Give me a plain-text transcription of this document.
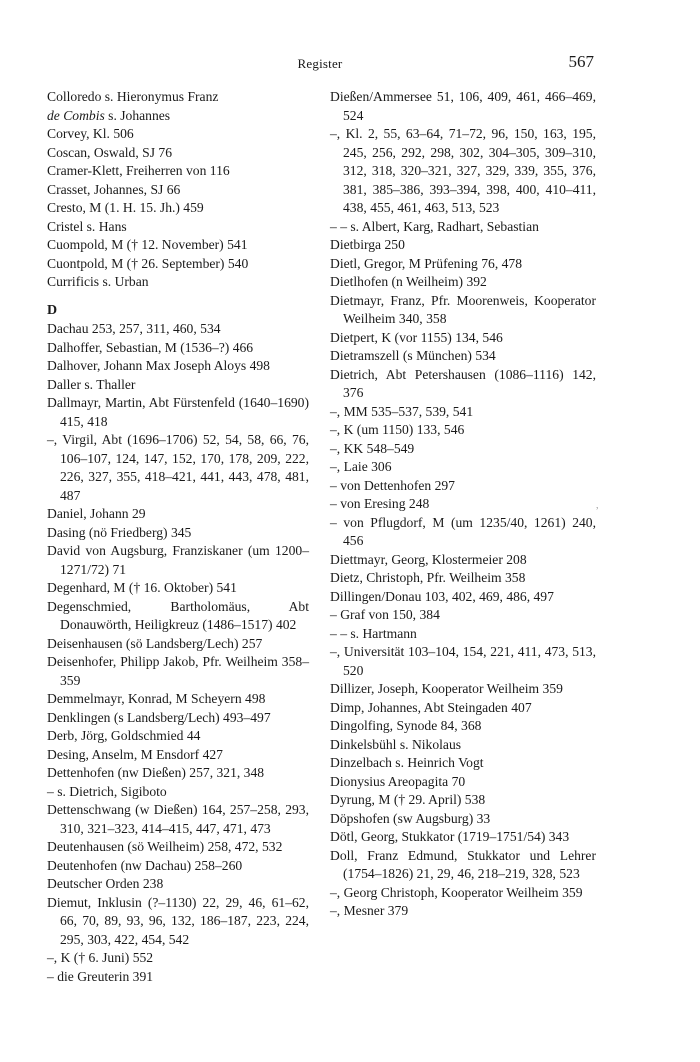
Register	567

Colloredo s. Hieronymus Franz

de Combis s. Johannes

Corvey, Kl. 506

Coscan, Oswald, SJ 76

Cramer-Klett, Freiherren von 116

Crasset, Johannes, SJ 66

Cresto, M (1. H. 15. Jh.) 459

Cristel s. Hans

Cuompold, M († 12. November) 541

Cuontpold, M († 26. September) 540

Currificis s. Urban

D

Dachau 253, 257, 311, 460, 534

Dalhoffer, Sebastian, M (1536–?) 466

Dalhover, Johann Max Joseph Aloys 498

Daller s. Thaller

Dallmayr, Martin, Abt Fürstenfeld (1640–1690) 415, 418

–, Virgil, Abt (1696–1706) 52, 54, 58, 66, 76, 106–107, 124, 147, 152, 170, 178, 209, 222, 226, 327, 355, 418–421, 441, 443, 478, 481, 487

Daniel, Johann 29

Dasing (nö Friedberg) 345

David von Augsburg, Franziskaner (um 1200–1271/72) 71

Degenhard, M († 16. Oktober) 541

Degenschmied, Bartholomäus, Abt Donauwörth, Heiligkreuz (1486–1517) 402

Deisenhausen (sö Landsberg/Lech) 257

Deisenhofer, Philipp Jakob, Pfr. Weilheim 358–359

Demmelmayr, Konrad, M Scheyern 498

Denklingen (s Landsberg/Lech) 493–497

Derb, Jörg, Goldschmied 44

Desing, Anselm, M Ensdorf 427

Dettenhofen (nw Dießen) 257, 321, 348

– s. Dietrich, Sigiboto

Dettenschwang (w Dießen) 164, 257–258, 293, 310, 321–323, 414–415, 447, 471, 473

Deutenhausen (sö Weilheim) 258, 472, 532

Deutenhofen (nw Dachau) 258–260

Deutscher Orden 238

Diemut, Inklusin (?–1130) 22, 29, 46, 61–62, 66, 70, 89, 93, 96, 132, 186–187, 223, 224, 295, 303, 422, 454, 542

–, K († 6. Juni) 552

– die Greuterin 391

Dießen/Ammersee 51, 106, 409, 461, 466–469, 524

–, Kl. 2, 55, 63–64, 71–72, 96, 150, 163, 195, 245, 256, 292, 298, 302, 304–305, 309–310, 312, 318, 320–321, 327, 329, 339, 355, 376, 381, 385–386, 393–394, 398, 400, 410–411, 438, 455, 461, 463, 513, 523

– – s. Albert, Karg, Radhart, Sebastian

Dietbirga 250

Dietl, Gregor, M Prüfening 76, 478

Dietlhofen (n Weilheim) 392

Dietmayr, Franz, Pfr. Moorenweis, Kooperator Weilheim 340, 358

Dietpert, K (vor 1155) 134, 546

Dietramszell (s München) 534

Dietrich, Abt Petershausen (1086–1116) 142, 376

–, MM 535–537, 539, 541

–, K (um 1150) 133, 546

–, KK 548–549

–, Laie 306

– von Dettenhofen 297

– von Eresing 248

– von Pflugdorf, M (um 1235/40, 1261) 240, 456

Diettmayr, Georg, Klostermeier 208

Dietz, Christoph, Pfr. Weilheim 358

Dillingen/Donau 103, 402, 469, 486, 497

– Graf von 150, 384

– – s. Hartmann

–, Universität 103–104, 154, 221, 411, 473, 513, 520

Dillizer, Joseph, Kooperator Weilheim 359

Dimp, Johannes, Abt Steingaden 407

Dingolfing, Synode 84, 368

Dinkelsbühl s. Nikolaus

Dinzelbach s. Heinrich Vogt

Dionysius Areopagita 70

Dyrung, M († 29. April) 538

Döpshofen (sw Augsburg) 33

Dötl, Georg, Stukkator (1719–1751/54) 343

Doll, Franz Edmund, Stukkator und Lehrer (1754–1826) 21, 29, 46, 218–219, 328, 523

–, Georg Christoph, Kooperator Weilheim 359

–, Mesner 379

,
